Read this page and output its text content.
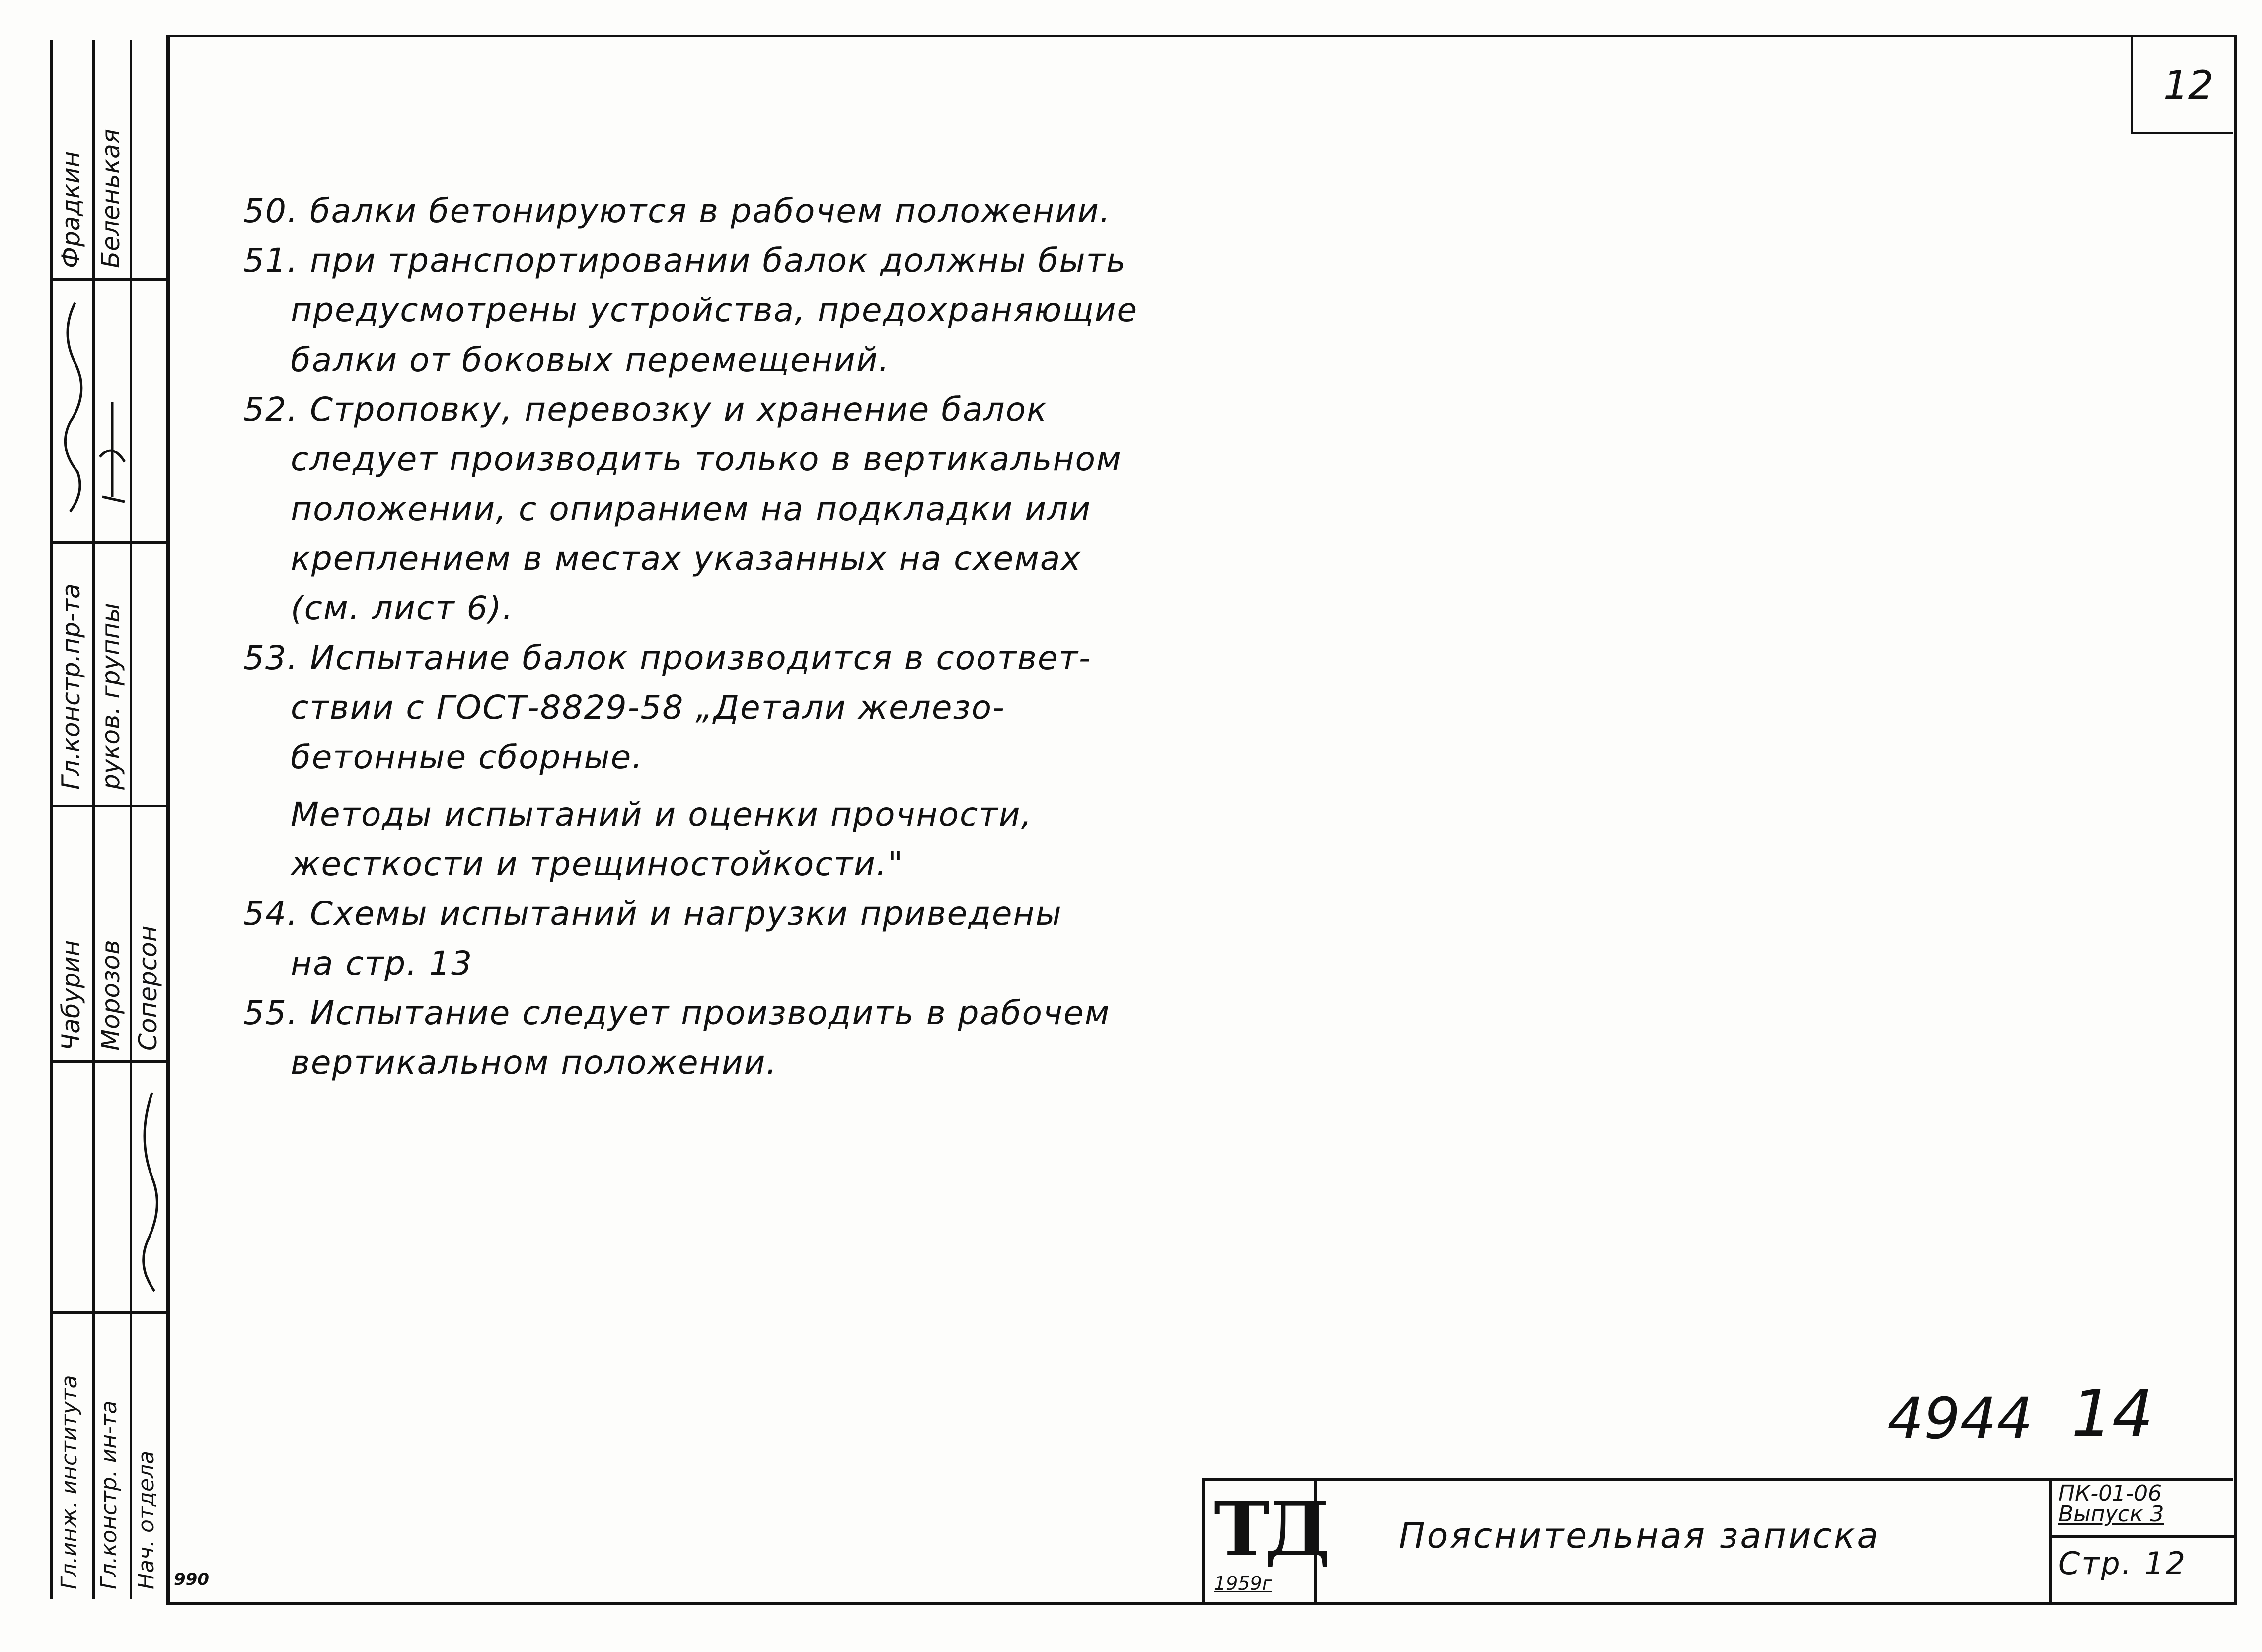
12
Фрадкин Беленькая
Гл.констр.пр-та руков. группы
Чабурин Морозов Соперсон
Гл.инж. института Гл.констр. ин-та Нач. отдела
50. балки бетонируются в рабочем положении.
51. при транспортировании балок должны быть
предусмотрены устройства, предохраняющие
балки от боковых перемещений.
52. Строповку, перевозку и хранение балок
следует производить только в вертикальном
положении, с опиранием на подкладки или
креплением в местах указанных на схемах
(см. лист 6).
53. Испытание балок производится в соответ-
ствии с ГОСТ-8829-58 „Детали железо-
бетонные сборные.
Методы испытаний и оценки прочности,
жесткости и трещиностойкости."
54. Схемы испытаний и нагрузки приведены
на стр. 13
55. Испытание следует производить в рабочем
вертикальном положении.
4944 14
ТД
1959г
Пояснительная записка
ПК-01-06
Выпуск 3
Стр. 12
990
